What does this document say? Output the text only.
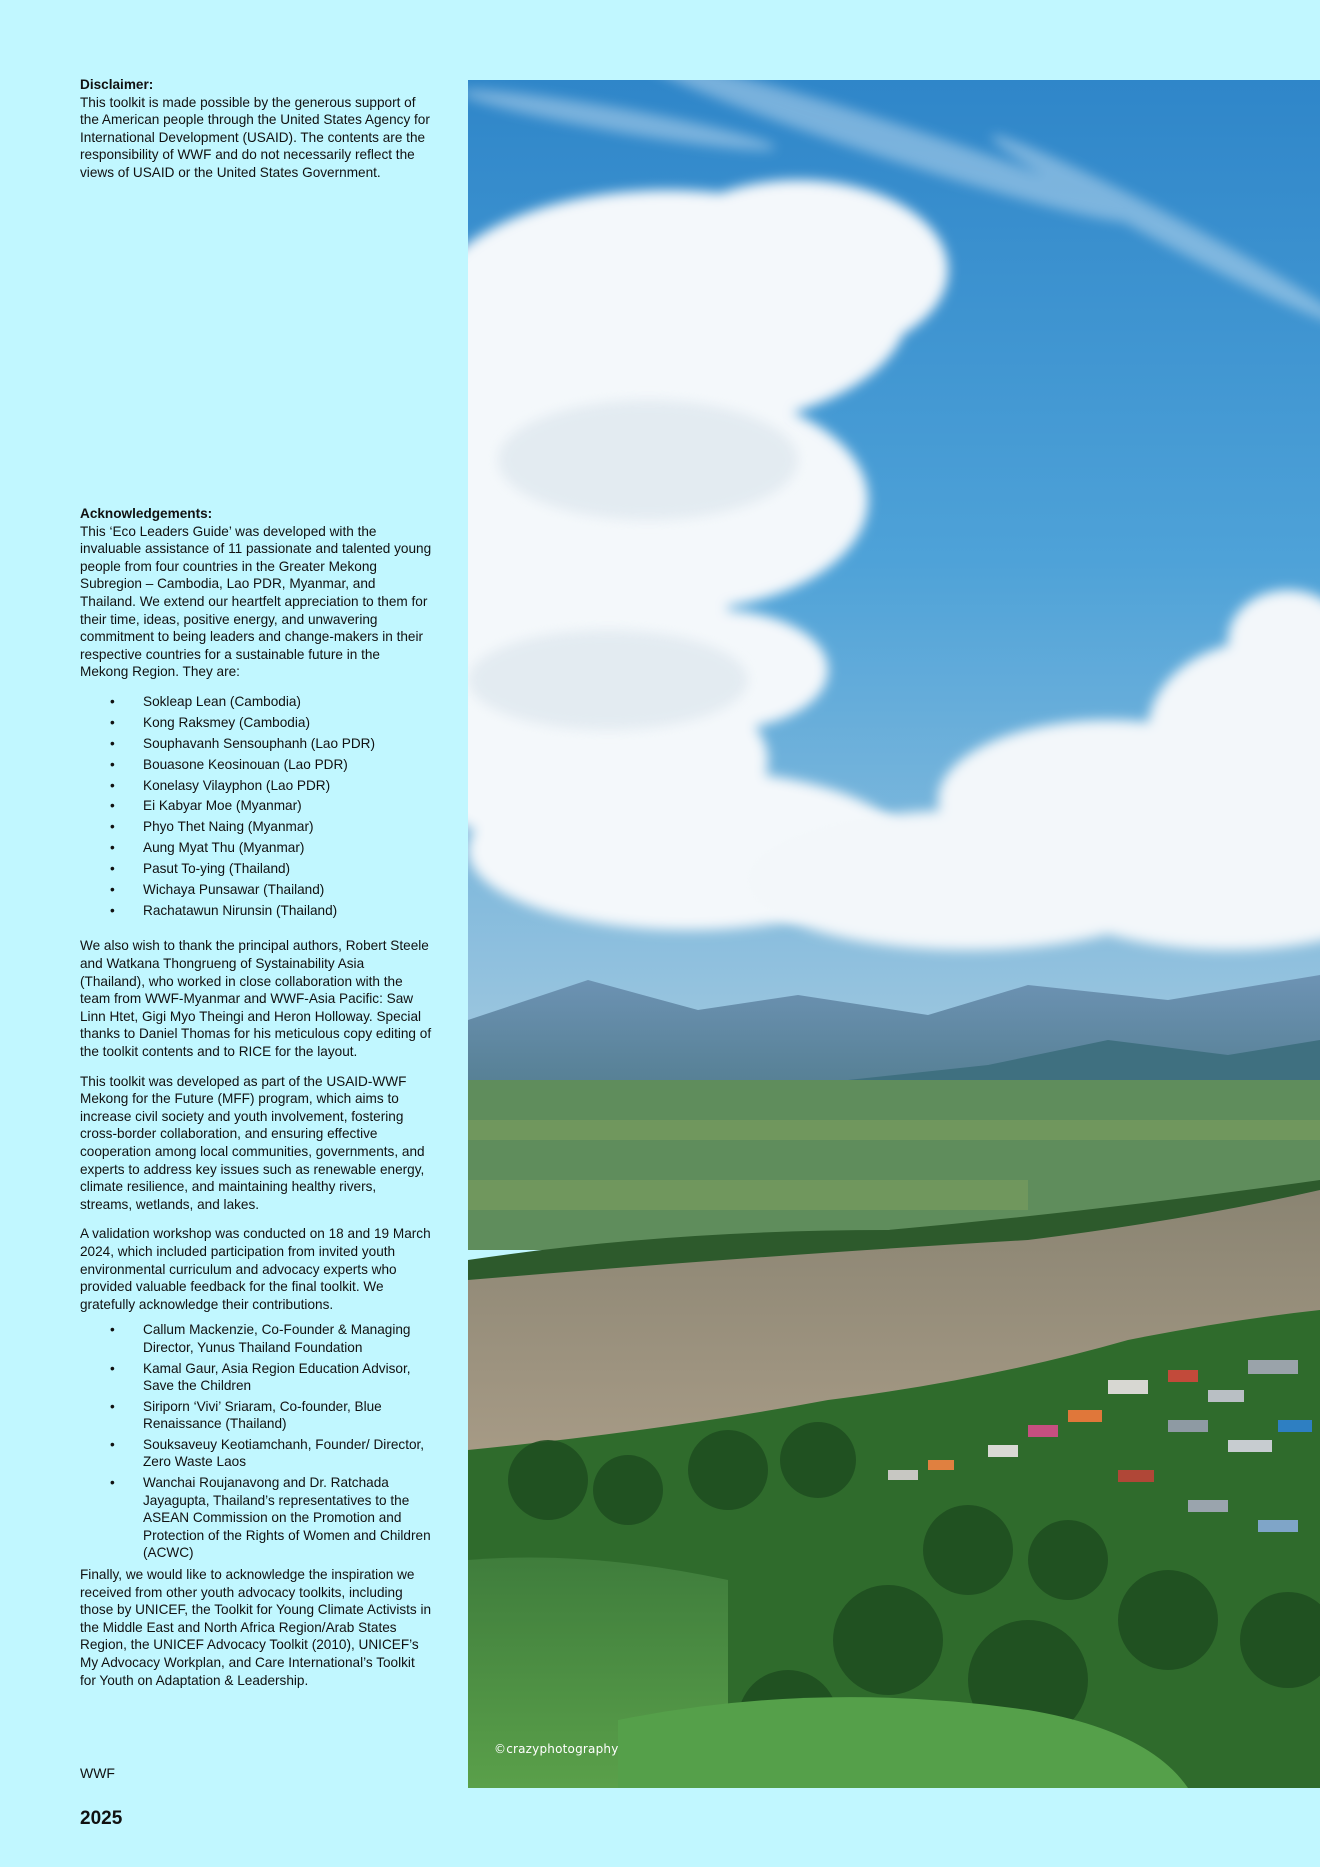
Disclaimer:

This toolkit is made possible by the generous support of the American people through the United States Agency for International Development (USAID). The contents are the responsibility of WWF and do not necessarily reflect the views of USAID or the United States Government.

Acknowledgements:

This ‘Eco Leaders Guide’ was developed with the invaluable assistance of 11 passionate and talented young people from four countries in the Greater Mekong Subregion – Cambodia, Lao PDR, Myanmar, and Thailand. We extend our heartfelt appreciation to them for their time, ideas, positive energy, and unwavering commitment to being leaders and change-makers in their respective countries for a sustainable future in the Mekong Region. They are:

• Sokleap Lean (Cambodia)
• Kong Raksmey (Cambodia)
• Souphavanh Sensouphanh (Lao PDR)
• Bouasone Keosinouan (Lao PDR)
• Konelasy Vilayphon (Lao PDR)
• Ei Kabyar Moe (Myanmar)
• Phyo Thet Naing (Myanmar)
• Aung Myat Thu (Myanmar)
• Pasut To-ying (Thailand)
• Wichaya Punsawar (Thailand)
• Rachatawun Nirunsin (Thailand)

We also wish to thank the principal authors, Robert Steele and Watkana Thongrueng of Systainability Asia (Thailand), who worked in close collaboration with the team from WWF-Myanmar and WWF-Asia Pacific: Saw Linn Htet, Gigi Myo Theingi and Heron Holloway. Special thanks to Daniel Thomas for his meticulous copy editing of the toolkit contents and to RICE for the layout.

This toolkit was developed as part of the USAID-WWF Mekong for the Future (MFF) program, which aims to increase civil society and youth involvement, fostering cross-border collaboration, and ensuring effective cooperation among local communities, governments, and experts to address key issues such as renewable energy, climate resilience, and maintaining healthy rivers, streams, wetlands, and lakes.

A validation workshop was conducted on 18 and 19 March 2024, which included participation from invited youth environmental curriculum and advocacy experts who provided valuable feedback for the final toolkit. We gratefully acknowledge their contributions.

• Callum Mackenzie, Co-Founder & Managing Director, Yunus Thailand Foundation
• Kamal Gaur, Asia Region Education Advisor, Save the Children
• Siriporn ‘Vivi’ Sriaram, Co-founder, Blue Renaissance (Thailand)
• Souksaveuy Keotiamchanh, Founder/ Director, Zero Waste Laos
• Wanchai Roujanavong and Dr. Ratchada Jayagupta, Thailand’s representatives to the ASEAN Commission on the Promotion and Protection of the Rights of Women and Children (ACWC)

Finally, we would like to acknowledge the inspiration we received from other youth advocacy toolkits, including those by UNICEF, the Toolkit for Young Climate Activists in the Middle East and North Africa Region/Arab States Region, the UNICEF Advocacy Toolkit (2010), UNICEF’s My Advocacy Workplan, and Care International’s Toolkit for Youth on Adaptation & Leadership.

WWF
2025
©crazyphotography
